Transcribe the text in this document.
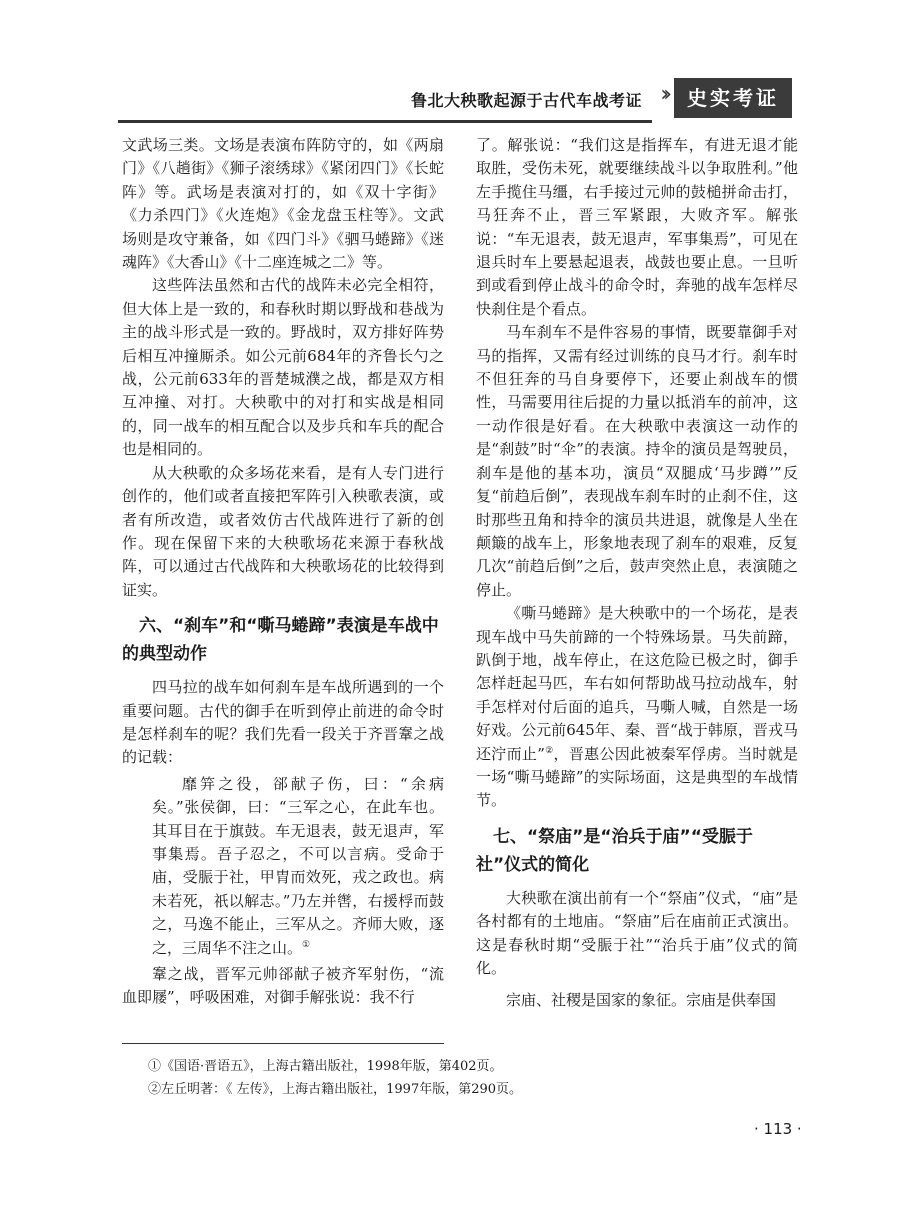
鲁北大秧歌起源于古代车战考证 ››	史实考证

文武场三类。文场是表演布阵防守的，如《两扇门》《八趟街》《狮子滚绣球》《紧闭四门》《长蛇阵》等。武场是表演对打的，如《双十字街》《力杀四门》《火连炮》《金龙盘玉柱等》。文武场则是攻守兼备，如《四门斗》《驷马蜷蹄》《迷魂阵》《大香山》《十二座连城之二》等。

这些阵法虽然和古代的战阵未必完全相符，但大体上是一致的，和春秋时期以野战和巷战为主的战斗形式是一致的。野战时，双方排好阵势后相互冲撞厮杀。如公元前684年的齐鲁长勺之战，公元前633年的晋楚城濮之战，都是双方相互冲撞、对打。大秧歌中的对打和实战是相同的，同一战车的相互配合以及步兵和车兵的配合也是相同的。

从大秧歌的众多场花来看，是有人专门进行创作的，他们或者直接把军阵引入秧歌表演，或者有所改造，或者效仿古代战阵进行了新的创作。现在保留下来的大秧歌场花来源于春秋战阵，可以通过古代战阵和大秧歌场花的比较得到证实。

六、“刹车”和“嘶马蜷蹄”表演是车战中的典型动作

四马拉的战车如何刹车是车战所遇到的一个重要问题。古代的御手在听到停止前进的命令时是怎样刹车的呢？我们先看一段关于齐晋鞌之战的记载：

靡笄之役，郤献子伤，曰：“余病矣。”张侯御，曰：“三军之心，在此车也。其耳目在于旗鼓。车无退表，鼓无退声，军事集焉。吾子忍之，不可以言病。受命于庙，受脤于社，甲胄而效死，戎之政也。病未若死，祇以解志。”乃左并辔，右援桴而鼓之，马逸不能止，三军从之。齐师大败，逐之，三周华不注之山。①

鞌之战，晋军元帅郤献子被齐军射伤，“流血即屦”，呼吸困难，对御手解张说：我不行

了。解张说：“我们这是指挥车，有进无退才能取胜，受伤未死，就要继续战斗以争取胜利。”他左手揽住马缰，右手接过元帅的鼓槌拼命击打，马狂奔不止，晋三军紧跟，大败齐军。解张说：“车无退表，鼓无退声，军事集焉”，可见在退兵时车上要悬起退表，战鼓也要止息。一旦听到或看到停止战斗的命令时，奔驰的战车怎样尽快刹住是个看点。

马车刹车不是件容易的事情，既要靠御手对马的指挥，又需有经过训练的良马才行。刹车时不但狂奔的马自身要停下，还要止刹战车的惯性，马需要用往后捉的力量以抵消车的前冲，这一动作很是好看。在大秧歌中表演这一动作的是“刹鼓”时“伞”的表演。持伞的演员是驾驶员，刹车是他的基本功，演员“双腿成‘马步蹲’”反复“前趋后倒”，表现战车刹车时的止刹不住，这时那些丑角和持伞的演员共进退，就像是人坐在颠簸的战车上，形象地表现了刹车的艰难，反复几次“前趋后倒”之后，鼓声突然止息，表演随之停止。

《嘶马蜷蹄》是大秧歌中的一个场花，是表现车战中马失前蹄的一个特殊场景。马失前蹄，趴倒于地，战车停止，在这危险已极之时，御手怎样赶起马匹，车右如何帮助战马拉动战车，射手怎样对付后面的追兵，马嘶人喊，自然是一场好戏。公元前645年、秦、晋“战于韩原，晋戎马还泞而止”②，晋惠公因此被秦军俘虏。当时就是一场“嘶马蜷蹄”的实际场面，这是典型的车战情节。

七、“祭庙”是“治兵于庙”“受脤于社”仪式的简化

大秧歌在演出前有一个“祭庙”仪式，“庙”是各村都有的土地庙。“祭庙”后在庙前正式演出。这是春秋时期“受脤于社”“治兵于庙”仪式的简化。

宗庙、社稷是国家的象征。宗庙是供奉国

①《国语·晋语五》，上海古籍出版社，1998年版，第402页。
②左丘明著：《 左传》，上海古籍出版社，1997年版，第290页。
· 113 ·
